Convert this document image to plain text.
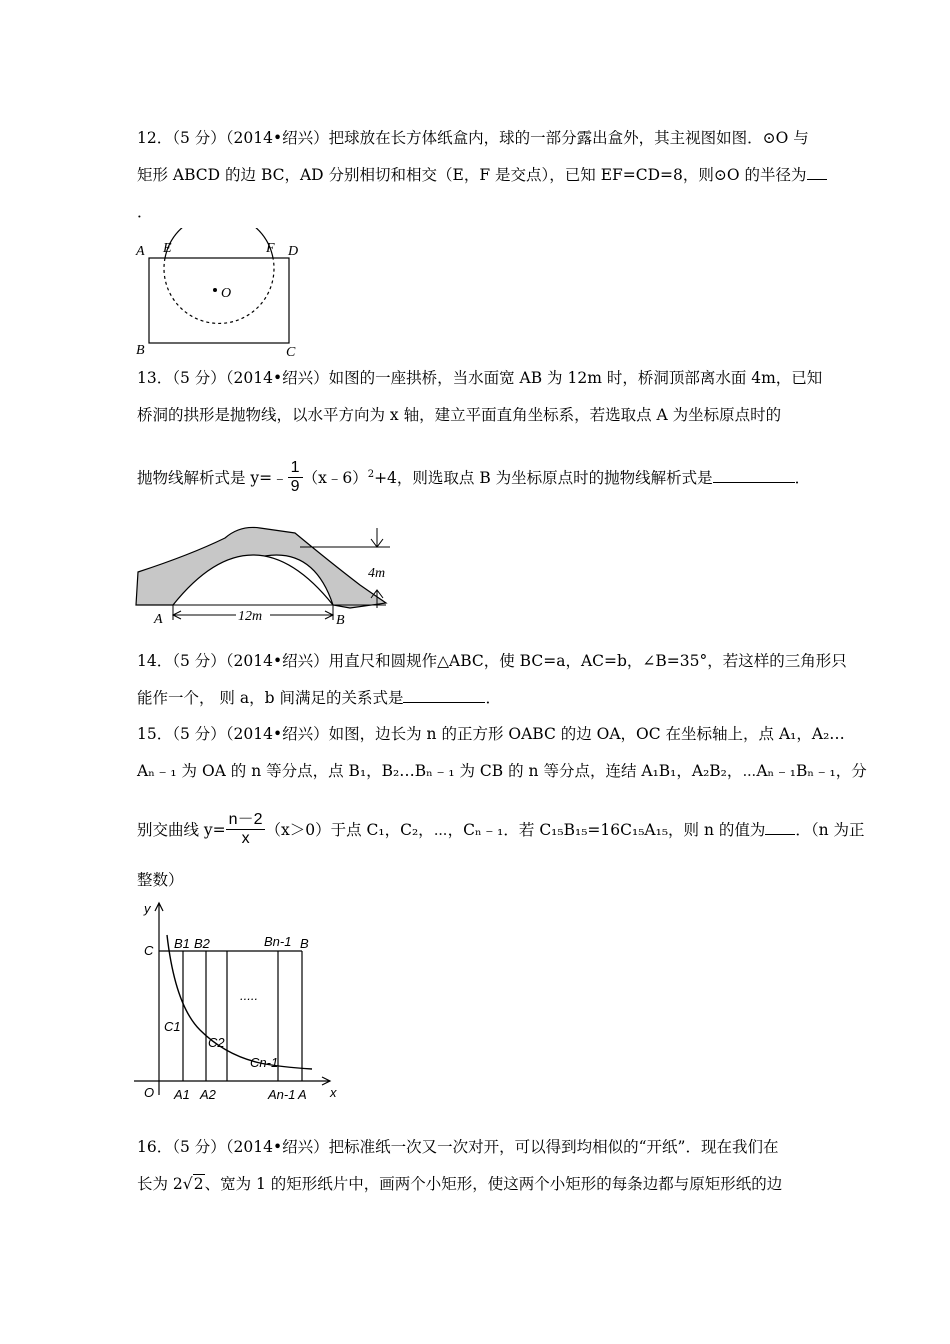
12．（5 分）（2014•绍兴）把球放在长方体纸盒内，球的一部分露出盒外，其主视图如图．⊙O 与
矩形 ABCD 的边 BC，AD 分别相切和相交（E，F 是交点），已知 EF=CD=8，则⊙O 的半径为
．
A E	F D
O
B	C
13．（5 分）（2014•绍兴）如图的一座拱桥，当水面宽 AB 为 12m 时，桥洞顶部离水面 4m，已知
桥洞的拱形是抛物线，以水平方向为 x 轴，建立平面直角坐标系，若选取点 A 为坐标原点时的
抛物线解析式是 y=﹣ $\frac{1}{9}$ （x﹣6）$^2$+4，则选取点 B 为坐标原点时的抛物线解析式是	．
4m
12m
A	B
14．（5 分）（2014•绍兴）用直尺和圆规作△ABC，使 BC=a，AC=b，∠B=35°，若这样的三角形只
能作一个， 则 a，b 间满足的关系式是	．
15．（5 分）（2014•绍兴）如图，边长为 n 的正方形 OABC 的边 OA，OC 在坐标轴上，点 A₁，A₂…
Aₙ﹣₁ 为 OA 的 n 等分点，点 B₁，B₂…Bₙ﹣₁ 为 CB 的 n 等分点，连结 A₁B₁，A₂B₂，⋯Aₙ﹣₁Bₙ﹣₁，分
别交曲线 $y= \frac{n-2}{x} (x>0)$于点 C₁，C₂，⋯，Cₙ﹣₁．若 C₁₅B₁₅=16C₁₅A₁₅，则 n 的值为 ．（n 为正
整数）
y
C B1 B2	Bn-1 B
.....
C1
C2
Cn-1
O A1 A2	An-1 A x
16．（5 分）（2014•绍兴）把标准纸一次又一次对开，可以得到均相似的“开纸”．现在我们在
长为 2√2、宽为 1 的矩形纸片中，画两个小矩形，使这两个小矩形的每条边都与原矩形纸的边
